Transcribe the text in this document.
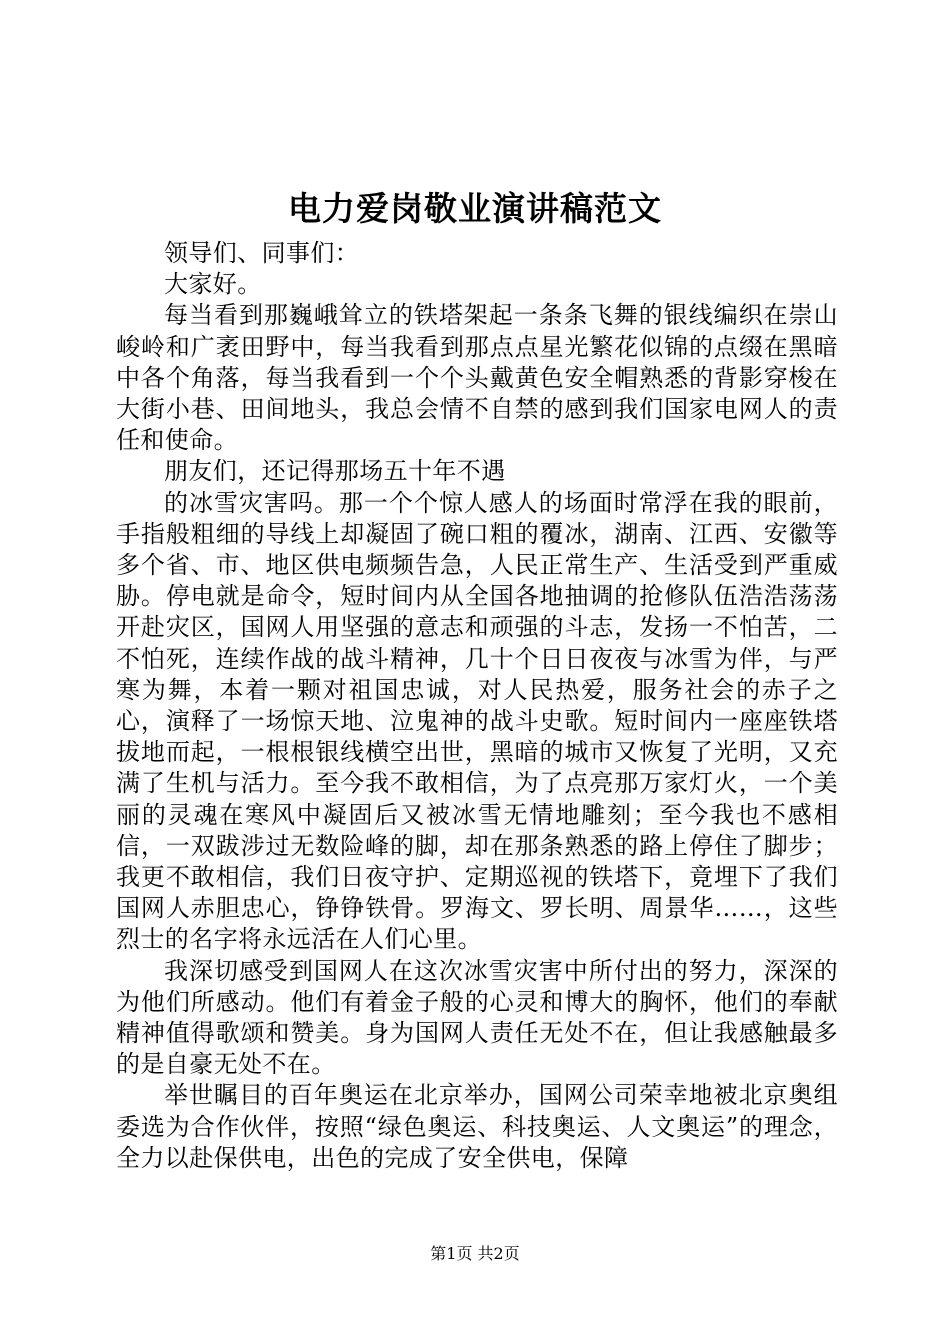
电力爱岗敬业演讲稿范文

领导们、同事们：

大家好。

每当看到那巍峨耸立的铁塔架起一条条飞舞的银线编织在崇山峻岭和广袤田野中，每当我看到那点点星光繁花似锦的点缀在黑暗中各个角落，每当我看到一个个头戴黄色安全帽熟悉的背影穿梭在大街小巷、田间地头，我总会情不自禁的感到我们国家电网人的责任和使命。

朋友们，还记得那场五十年不遇

的冰雪灾害吗。那一个个惊人感人的场面时常浮在我的眼前，手指般粗细的导线上却凝固了碗口粗的覆冰，湖南、江西、安徽等多个省、市、地区供电频频告急，人民正常生产、生活受到严重威胁。停电就是命令，短时间内从全国各地抽调的抢修队伍浩浩荡荡开赴灾区，国网人用坚强的意志和顽强的斗志，发扬一不怕苦，二不怕死，连续作战的战斗精神，几十个日日夜夜与冰雪为伴，与严寒为舞，本着一颗对祖国忠诚，对人民热爱，服务社会的赤子之心，演释了一场惊天地、泣鬼神的战斗史歌。短时间内一座座铁塔拔地而起，一根根银线横空出世，黑暗的城市又恢复了光明，又充满了生机与活力。至今我不敢相信，为了点亮那万家灯火，一个美丽的灵魂在寒风中凝固后又被冰雪无情地雕刻；至今我也不感相信，一双跋涉过无数险峰的脚，却在那条熟悉的路上停住了脚步；我更不敢相信，我们日夜守护、定期巡视的铁塔下，竟埋下了我们国网人赤胆忠心，铮铮铁骨。罗海文、罗长明、周景华……，这些烈士的名字将永远活在人们心里。

我深切感受到国网人在这次冰雪灾害中所付出的努力，深深的为他们所感动。他们有着金子般的心灵和博大的胸怀，他们的奉献精神值得歌颂和赞美。身为国网人责任无处不在，但让我感触最多的是自豪无处不在。

举世瞩目的百年奥运在北京举办，国网公司荣幸地被北京奥组委选为合作伙伴，按照“绿色奥运、科技奥运、人文奥运”的理念，全力以赴保供电，出色的完成了安全供电，保障

第1页 共2页
